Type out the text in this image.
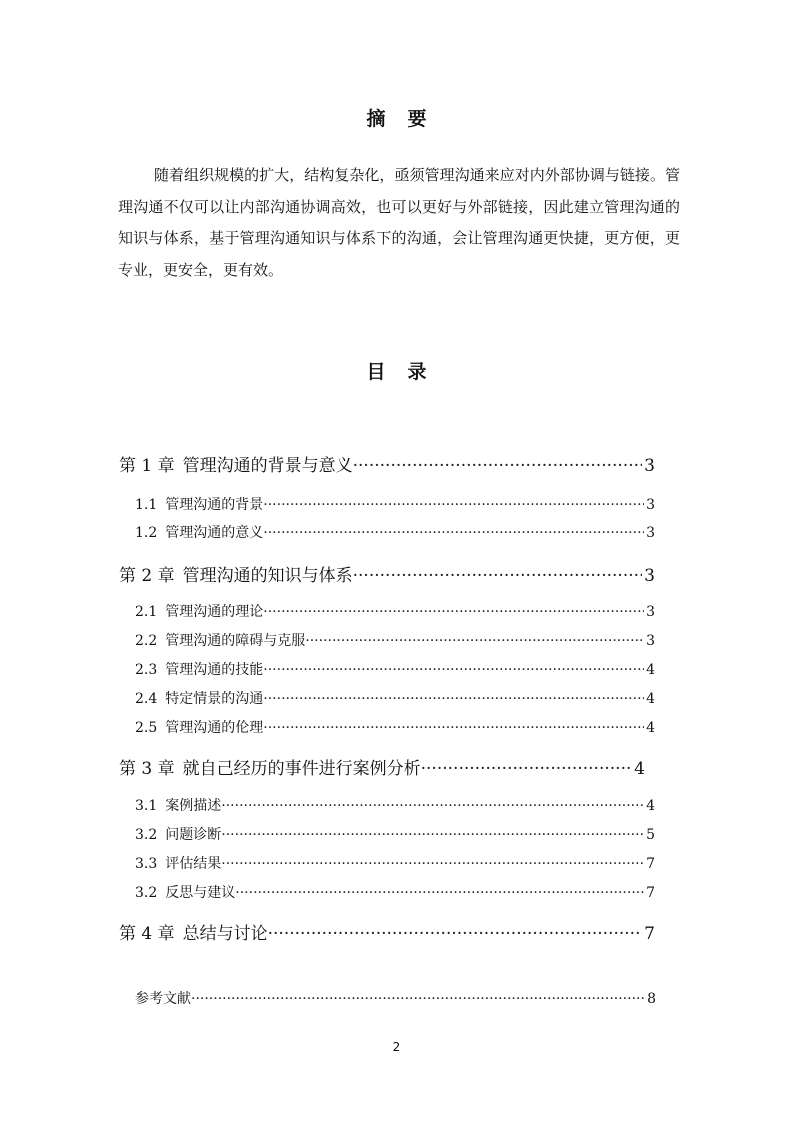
摘要
随着组织规模的扩大，结构复杂化，亟须管理沟通来应对内外部协调与链接。管理沟通不仅可以让内部沟通协调高效，也可以更好与外部链接，因此建立管理沟通的知识与体系，基于管理沟通知识与体系下的沟通，会让管理沟通更快捷，更方便，更专业，更安全，更有效。
目录
第 1 章 管理沟通的背景与意义 ·····	3
1.1 管理沟通的背景 ·····	3
1.2 管理沟通的意义 ·····	3
第 2 章 管理沟通的知识与体系 ·····	3
2.1 管理沟通的理论 ·····	3
2.2 管理沟通的障碍与克服 ·····	3
2.3 管理沟通的技能 ·····	4
2.4 特定情景的沟通 ·····	4
2.5 管理沟通的伦理 ·····	4
第 3 章 就自己经历的事件进行案例分析 ·····	4
3.1 案例描述 ·····	4
3.2 问题诊断 ·····	5
3.3 评估结果 ·····	7
3.2 反思与建议 ·····	7
第 4 章 总结与讨论 ·····	7
参考文献 ·····	8
2
